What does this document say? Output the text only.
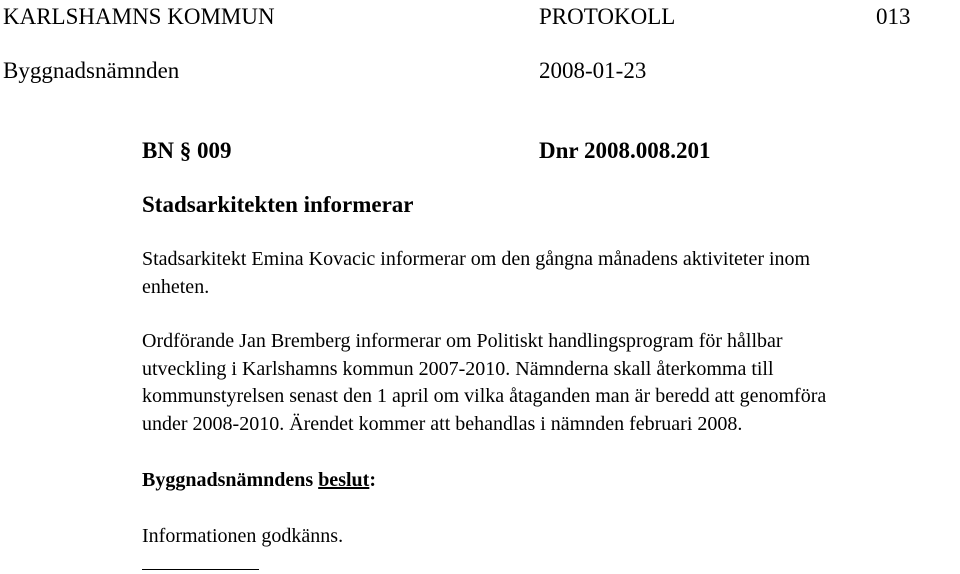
KARLSHAMNS KOMMUN	PROTOKOLL	013
Byggnadsnämnden	2008-01-23
BN § 009	Dnr 2008.008.201
Stadsarkitekten informerar
Stadsarkitekt Emina Kovacic informerar om den gångna månadens aktiviteter inom
enheten.
Ordförande Jan Bremberg informerar om Politiskt handlingsprogram för hållbar
utveckling i Karlshamns kommun 2007-2010. Nämnderna skall återkomma till
kommunstyrelsen senast den 1 april om vilka åtaganden man är beredd att genomföra
under 2008-2010. Ärendet kommer att behandlas i nämnden februari 2008.
Byggnadsnämndens beslut:
Informationen godkänns.
